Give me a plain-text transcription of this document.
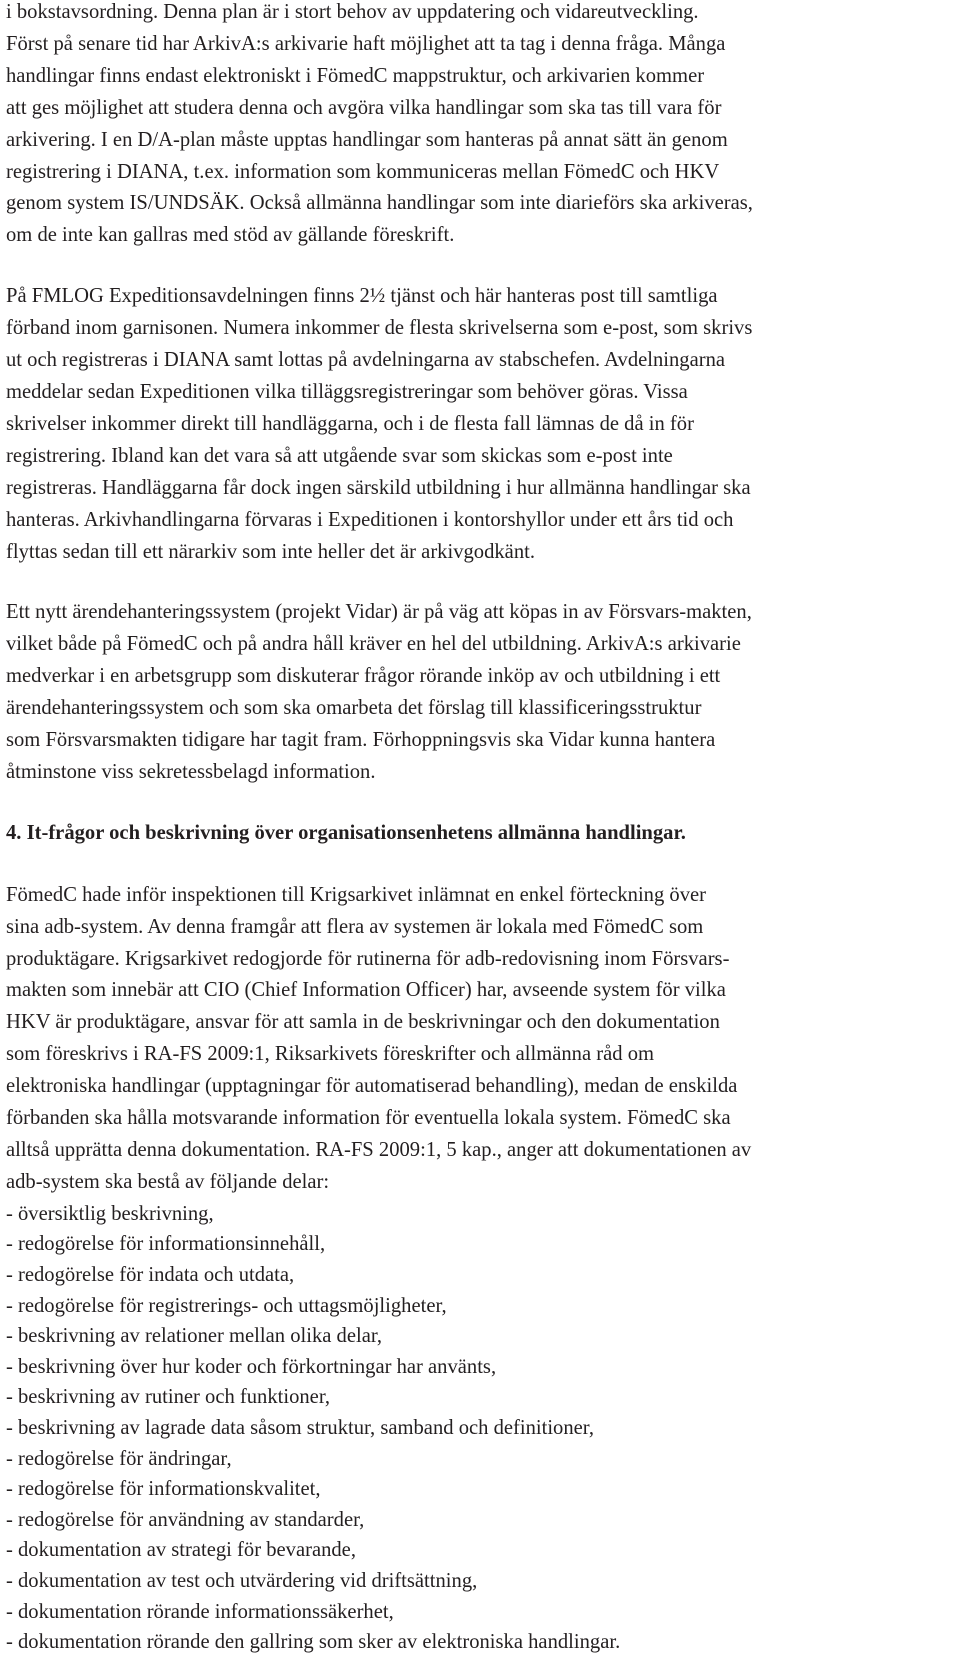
i bokstavsordning. Denna plan är i stort behov av uppdatering och vidareutveckling.
Först på senare tid har ArkivA:s arkivarie haft möjlighet att ta tag i denna fråga. Många
handlingar finns endast elektroniskt i FömedC mappstruktur, och arkivarien kommer
att ges möjlighet att studera denna och avgöra vilka handlingar som ska tas till vara för
arkivering. I en D/A-plan måste upptas handlingar som hanteras på annat sätt än genom
registrering i DIANA, t.ex. information som kommuniceras mellan FömedC och HKV
genom system IS/UNDSÄK. Också allmänna handlingar som inte diarieförs ska arkiveras,
om de inte kan gallras med stöd av gällande föreskrift.

På FMLOG Expeditionsavdelningen finns 2½ tjänst och här hanteras post till samtliga
förband inom garnisonen. Numera inkommer de flesta skrivelserna som e-post, som skrivs
ut och registreras i DIANA samt lottas på avdelningarna av stabschefen. Avdelningarna
meddelar sedan Expeditionen vilka tilläggsregistreringar som behöver göras. Vissa
skrivelser inkommer direkt till handläggarna, och i de flesta fall lämnas de då in för
registrering. Ibland kan det vara så att utgående svar som skickas som e-post inte
registreras. Handläggarna får dock ingen särskild utbildning i hur allmänna handlingar ska
hanteras. Arkivhandlingarna förvaras i Expeditionen i kontorshyllor under ett års tid och
flyttas sedan till ett närarkiv som inte heller det är arkivgodkänt.

Ett nytt ärendehanteringssystem (projekt Vidar) är på väg att köpas in av Försvars-makten,
vilket både på FömedC och på andra håll kräver en hel del utbildning. ArkivA:s arkivarie
medverkar i en arbetsgrupp som diskuterar frågor rörande inköp av och utbildning i ett
ärendehanteringssystem och som ska omarbeta det förslag till klassificeringsstruktur
som Försvarsmakten tidigare har tagit fram. Förhoppningsvis ska Vidar kunna hantera
åtminstone viss sekretessbelagd information.

4. It-frågor och beskrivning över organisationsenhetens allmänna handlingar.

FömedC hade inför inspektionen till Krigsarkivet inlämnat en enkel förteckning över
sina adb-system. Av denna framgår att flera av systemen är lokala med FömedC som
produktägare. Krigsarkivet redogjorde för rutinerna för adb-redovisning inom Försvars-
makten som innebär att CIO (Chief Information Officer) har, avseende system för vilka
HKV är produktägare, ansvar för att samla in de beskrivningar och den dokumentation
som föreskrivs i RA-FS 2009:1, Riksarkivets föreskrifter och allmänna råd om
elektroniska handlingar (upptagningar för automatiserad behandling), medan de enskilda
förbanden ska hålla motsvarande information för eventuella lokala system. FömedC ska
alltså upprätta denna dokumentation. RA-FS 2009:1, 5 kap., anger att dokumentationen av
adb-system ska bestå av följande delar:

- översiktlig beskrivning,
- redogörelse för informationsinnehåll,
- redogörelse för indata och utdata,
- redogörelse för registrerings- och uttagsmöjligheter,
- beskrivning av relationer mellan olika delar,
- beskrivning över hur koder och förkortningar har använts,
- beskrivning av rutiner och funktioner,
- beskrivning av lagrade data såsom struktur, samband och definitioner,
- redogörelse för ändringar,
- redogörelse för informationskvalitet,
- redogörelse för användning av standarder,
- dokumentation av strategi för bevarande,
- dokumentation av test och utvärdering vid driftsättning,
- dokumentation rörande informationssäkerhet,
- dokumentation rörande den gallring som sker av elektroniska handlingar.
